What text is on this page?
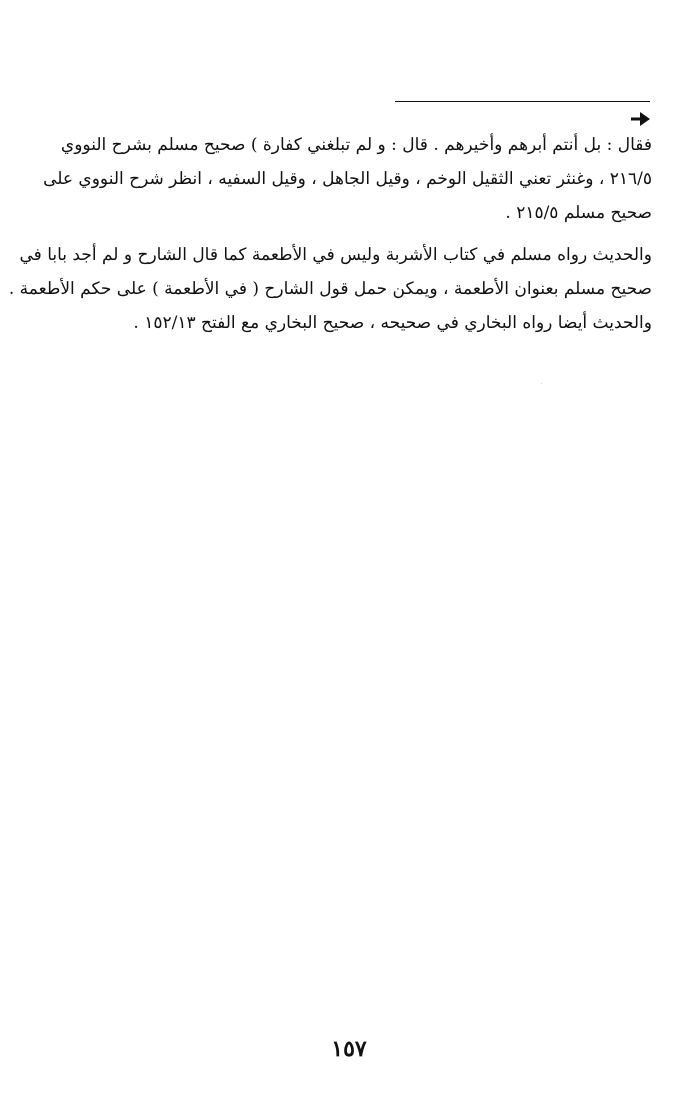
فقال : بل أنتم أبرهم وأخيرهم . قال : و لم تبلغني كفارة ) صحيح مسلم بشرح النووي
٢١٦/٥ ، وغنثر تعني الثقيل الوخم ، وقيل الجاهل ، وقيل السفيه ، انظر شرح النووي على
صحيح مسلم ٢١٥/٥ .
والحديث رواه مسلم في كتاب الأشربة وليس في الأطعمة كما قال الشارح و لم أجد بابا في
صحيح مسلم بعنوان الأطعمة ، ويمكن حمل قول الشارح ( في الأطعمة ) على حكم الأطعمة .
والحديث أيضا رواه البخاري في صحيحه ، صحيح البخاري مع الفتح ١٥٢/١٣ .
١٥٧
